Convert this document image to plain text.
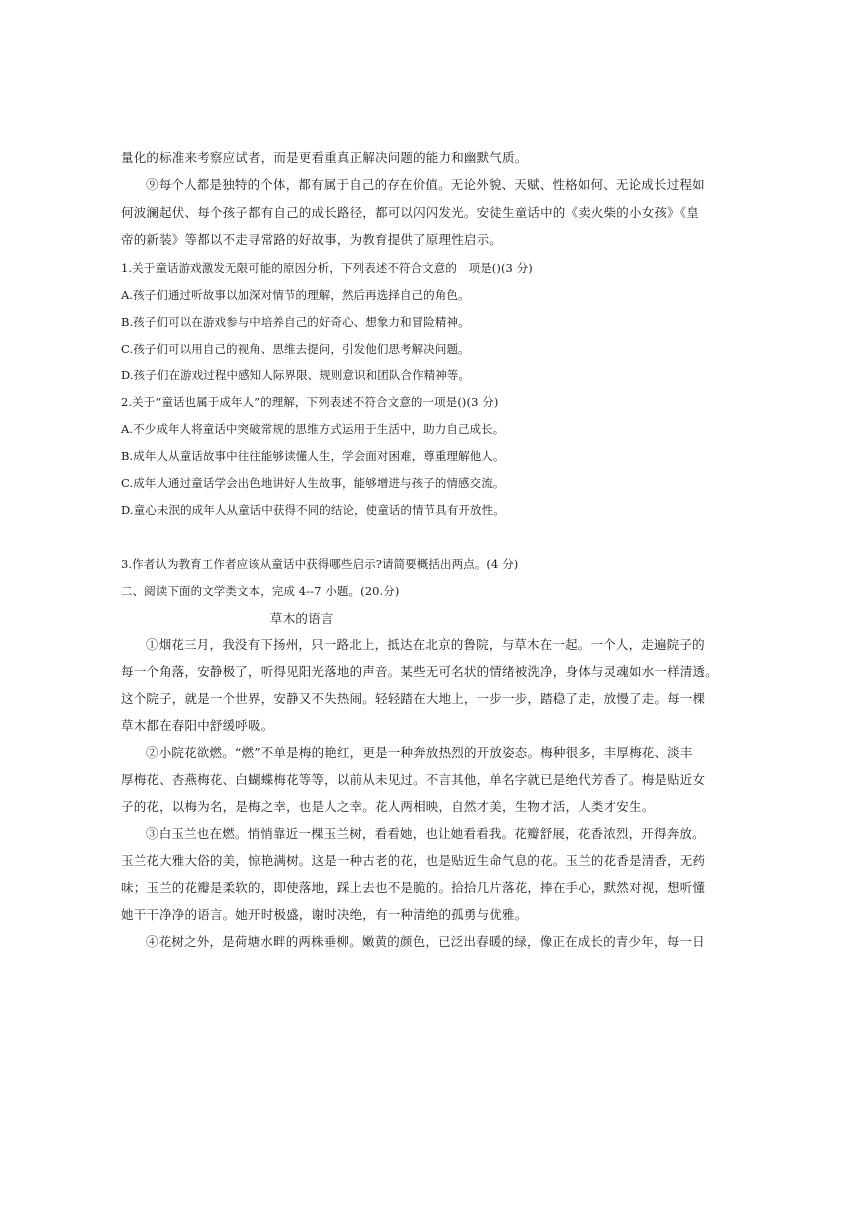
量化的标准来考察应试者，而是更看重真正解决问题的能力和幽默气质。
⑨每个人都是独特的个体，都有属于自己的存在价值。无论外貌、天赋、性格如何、无论成长过程如
何波澜起伏、每个孩子都有自己的成长路径，都可以闪闪发光。安徒生童话中的《卖火柴的小女孩》《皇
帝的新装》等都以不走寻常路的好故事，为教育提供了原理性启示。
1.关于童话游戏激发无限可能的原因分析，下列表述不符合文意的　项是()(3 分)
A.孩子们通过听故事以加深对情节的理解，然后再选择自己的角色。
B.孩子们可以在游戏参与中培养自己的好奇心、想象力和冒险精神。
C.孩子们可以用自己的视角、思维去提问，引发他们思考解决问题。
D.孩子们在游戏过程中感知人际界限、规则意识和团队合作精神等。
2.关于“童话也属于成年人”的理解，下列表述不符合文意的一项是()(3 分)
A.不少成年人将童话中突破常规的思维方式运用于生活中，助力自己成长。
B.成年人从童话故事中往往能够读懂人生，学会面对困难，尊重理解他人。
C.成年人通过童话学会出色地讲好人生故事，能够增进与孩子的情感交流。
D.童心未泯的成年人从童话中获得不同的结论，使童话的情节具有开放性。
3.作者认为教育工作者应该从童话中获得哪些启示?请简要概括出两点。(4 分)
二、阅读下面的文学类文本，完成 4--7 小题。(20.分)
草木的语言
①烟花三月，我没有下扬州，只一路北上，抵达在北京的鲁院，与草木在一起。一个人，走遍院子的
每一个角落，安静极了，听得见阳光落地的声音。某些无可名状的情绪被洗净，身体与灵魂如水一样清透。
这个院子，就是一个世界，安静又不失热闹。轻轻踏在大地上，一步一步，踏稳了走，放慢了走。每一棵
草木都在春阳中舒缓呼吸。
②小院花欲燃。“燃”不单是梅的艳红，更是一种奔放热烈的开放姿态。梅种很多，丰厚梅花、淡丰
厚梅花、杏燕梅花、白蝴蝶梅花等等，以前从未见过。不言其他，单名字就已是绝代芳香了。梅是贴近女
子的花，以梅为名，是梅之幸，也是人之幸。花人两相映，自然才美，生物才活，人类才安生。
③白玉兰也在燃。悄悄靠近一棵玉兰树，看看她，也让她看看我。花瓣舒展，花香浓烈，开得奔放。
玉兰花大雅大俗的美，惊艳满树。这是一种古老的花，也是贴近生命气息的花。玉兰的花香是清香，无药
味；玉兰的花瓣是柔软的，即使落地，踩上去也不是脆的。拾拾几片落花，捧在手心，默然对视，想听懂
她干干净净的语言。她开时极盛，谢时决绝，有一种清绝的孤勇与优雅。
④花树之外，是荷塘水畔的两株垂柳。嫩黄的颜色，已泛出春暖的绿，像正在成长的青少年，每一日
